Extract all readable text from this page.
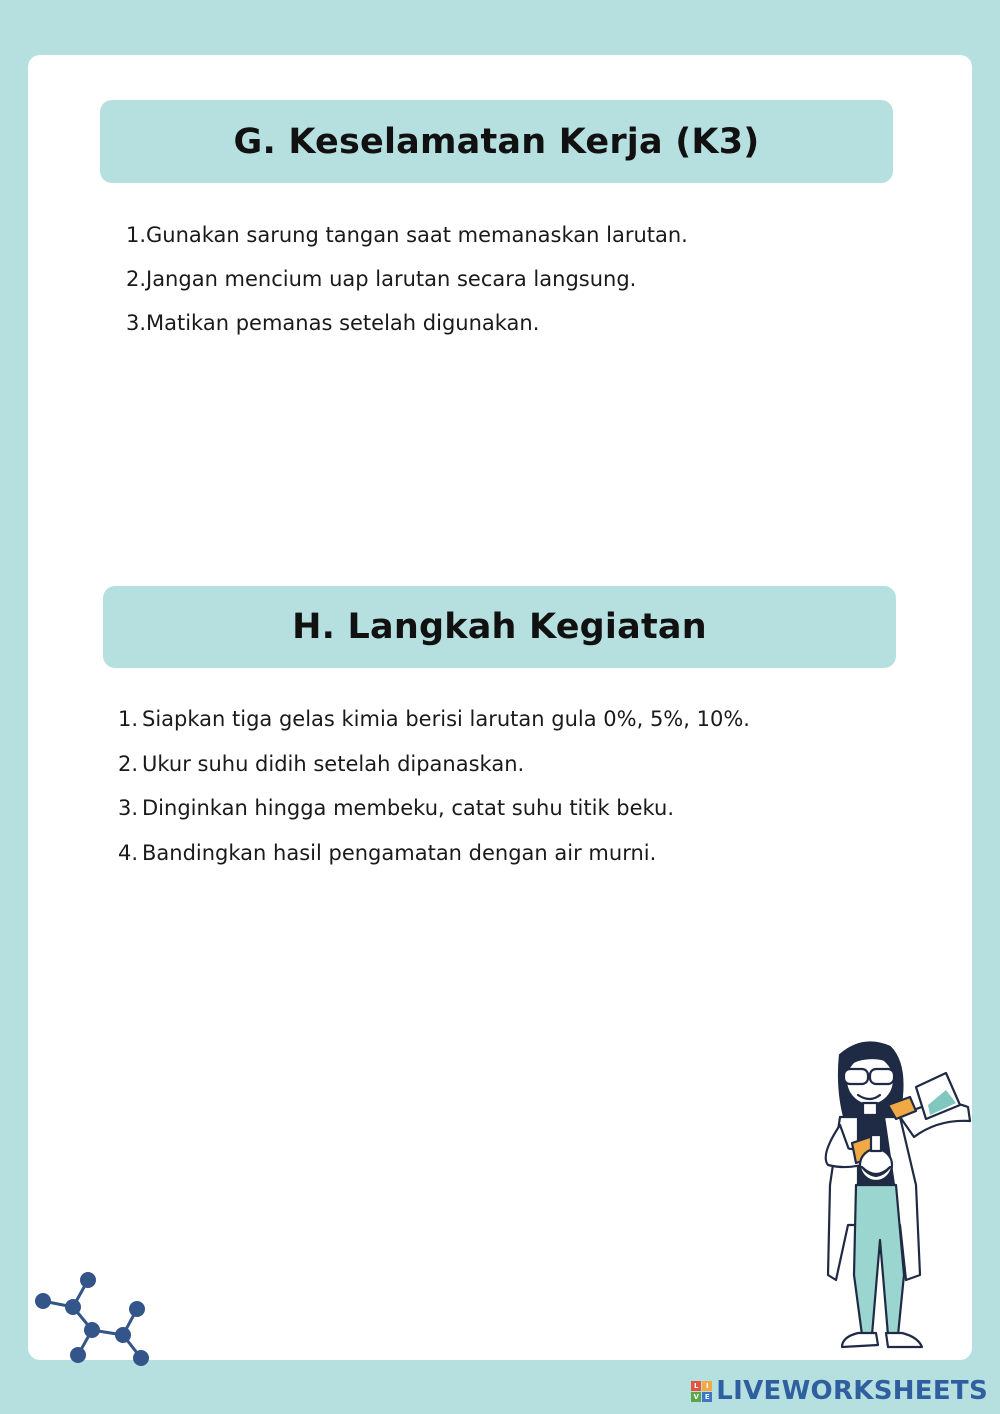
G. Keselamatan Kerja (K3)
1. Gunakan sarung tangan saat memanaskan larutan.
2. Jangan mencium uap larutan secara langsung.
3. Matikan pemanas setelah digunakan.
H. Langkah Kegiatan
1. Siapkan tiga gelas kimia berisi larutan gula 0%, 5%, 10%.
2. Ukur suhu didih setelah dipanaskan.
3. Dinginkan hingga membeku, catat suhu titik beku.
4. Bandingkan hasil pengamatan dengan air murni.
L	I
V E LIVEWORKSHEETS
